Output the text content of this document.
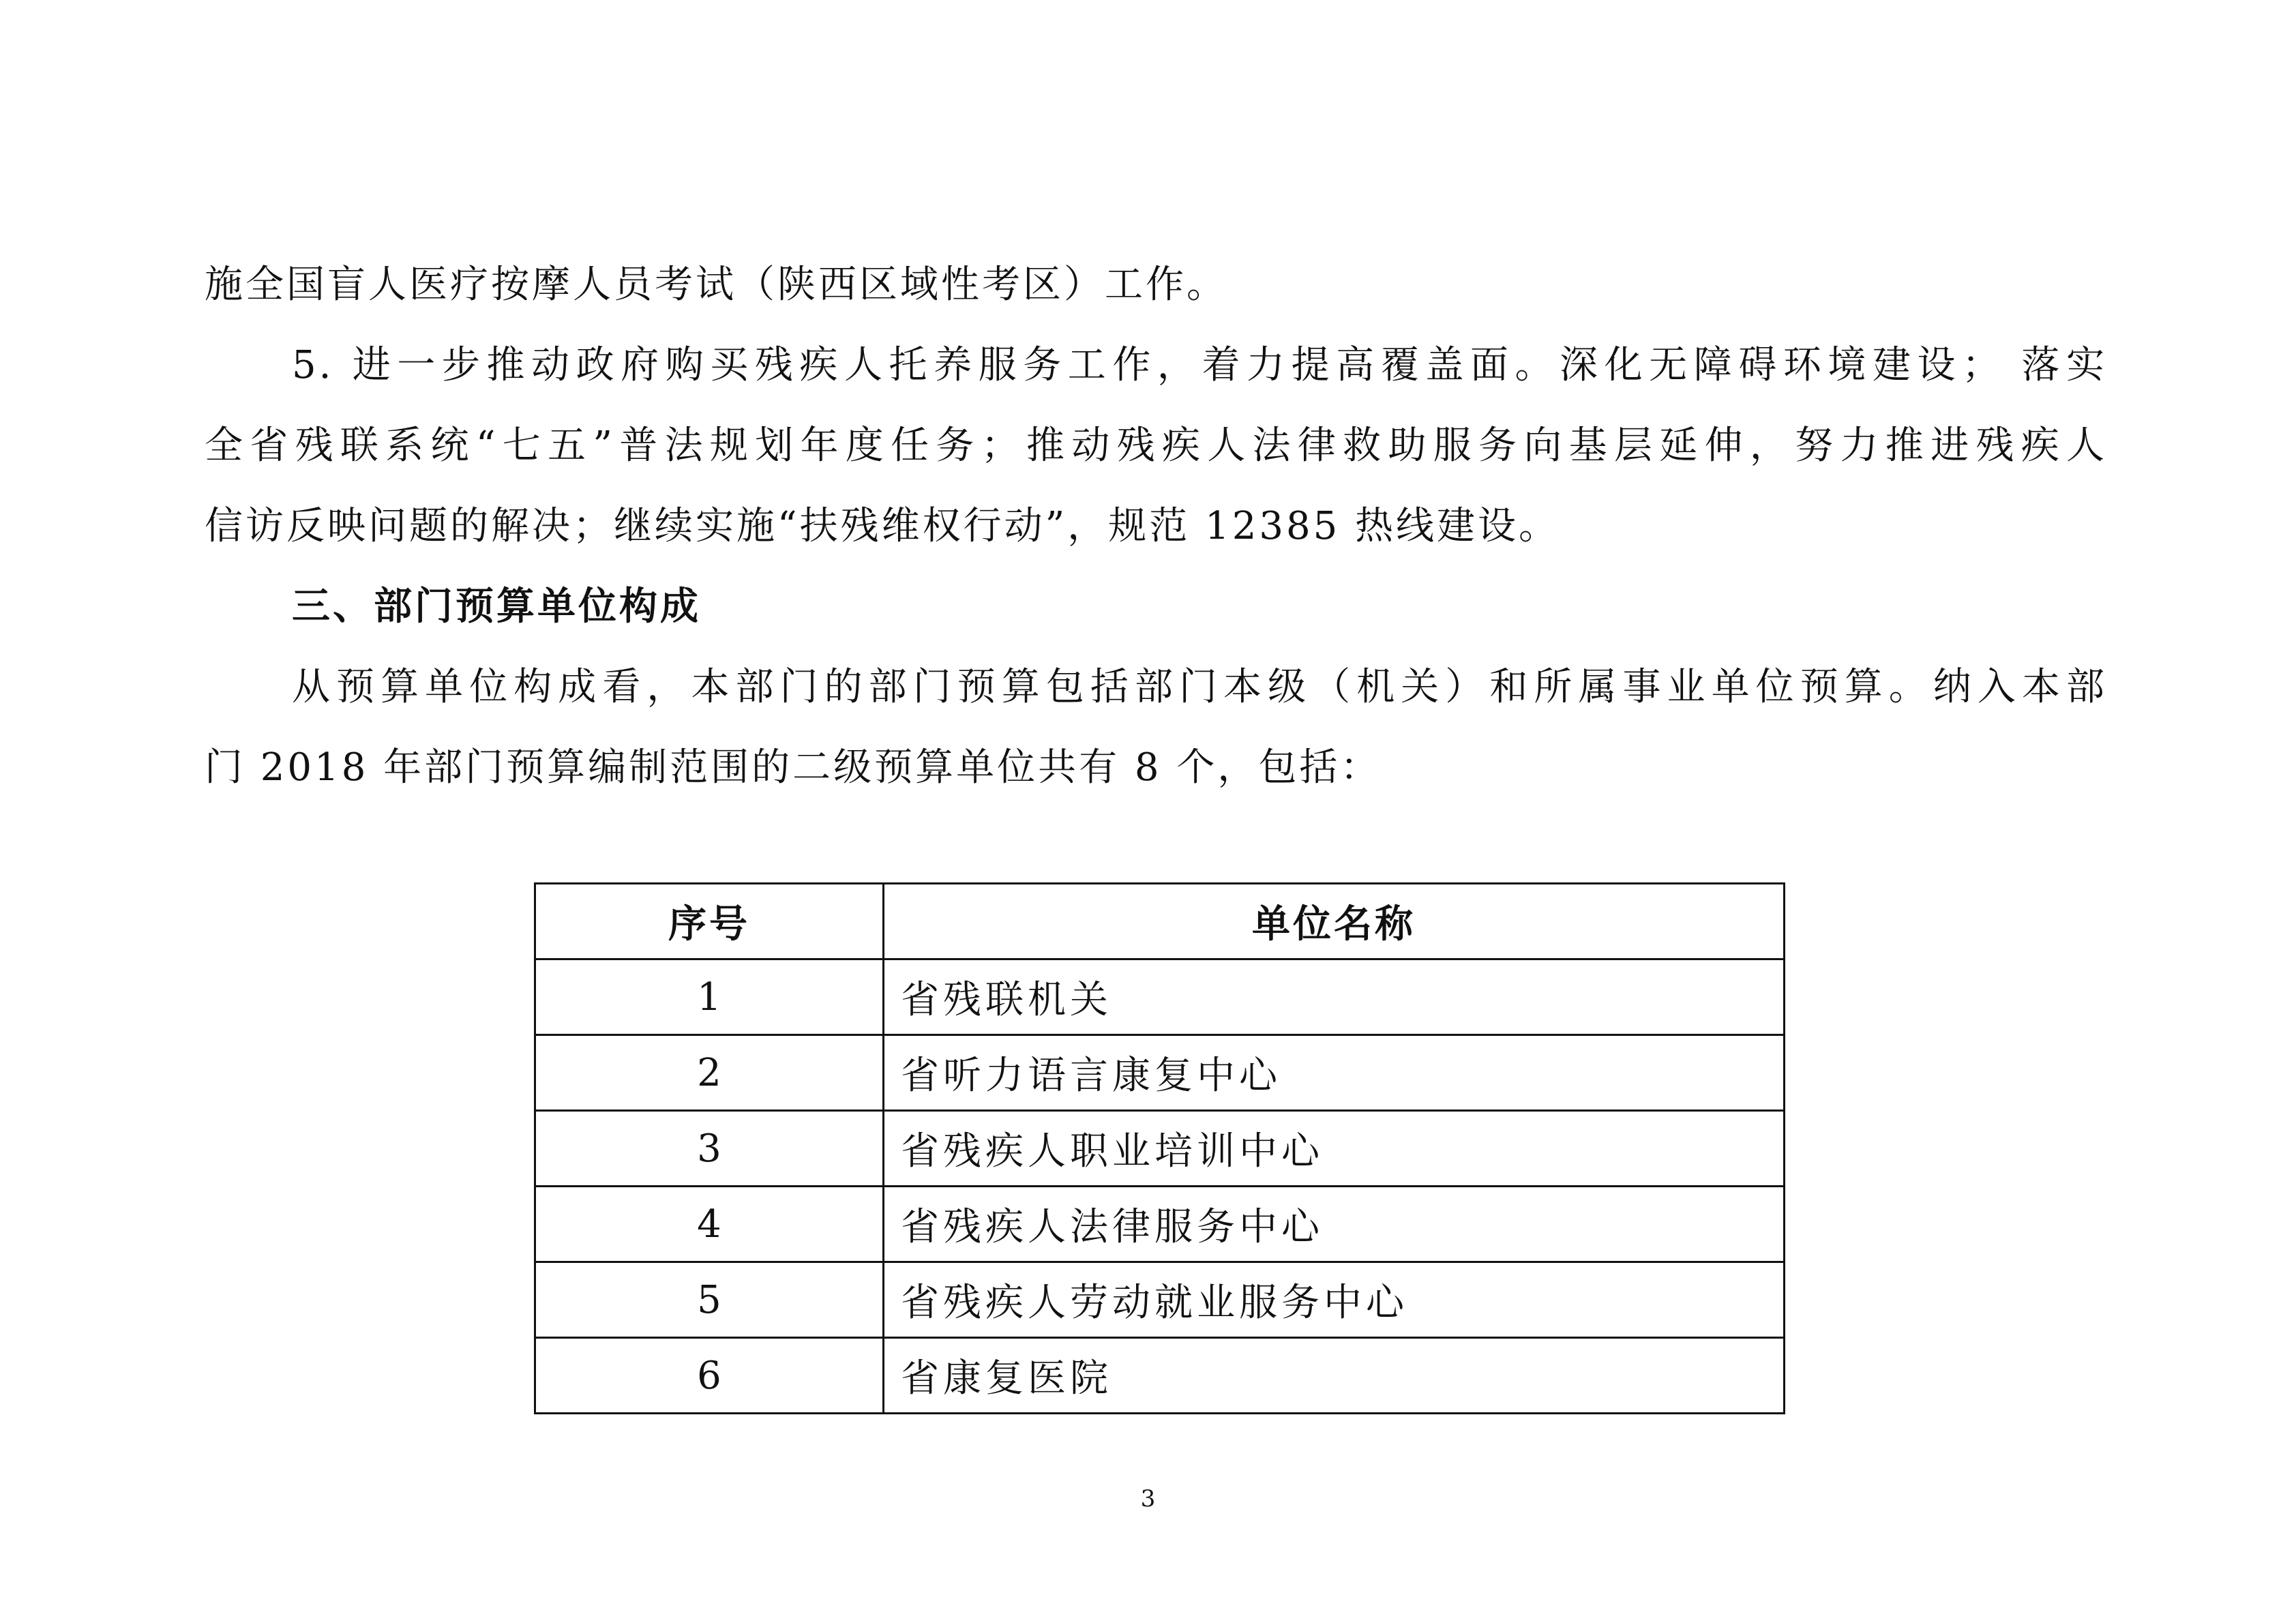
施全国盲人医疗按摩人员考试（陕西区域性考区）工作。
5. 进一步推动政府购买残疾人托养服务工作，着力提高覆盖面。深化无障碍环境建设； 落实
全省残联系统“七五”普法规划年度任务；推动残疾人法律救助服务向基层延伸，努力推进残疾人
信访反映问题的解决；继续实施“扶残维权行动”，规范 12385 热线建设。
三、部门预算单位构成
从预算单位构成看，本部门的部门预算包括部门本级（机关）和所属事业单位预算。纳入本部
门 2018 年部门预算编制范围的二级预算单位共有 8 个，包括：
序号	单位名称
1	省残联机关
2	省听力语言康复中心
3	省残疾人职业培训中心
4	省残疾人法律服务中心
5	省残疾人劳动就业服务中心
6	省康复医院
3
